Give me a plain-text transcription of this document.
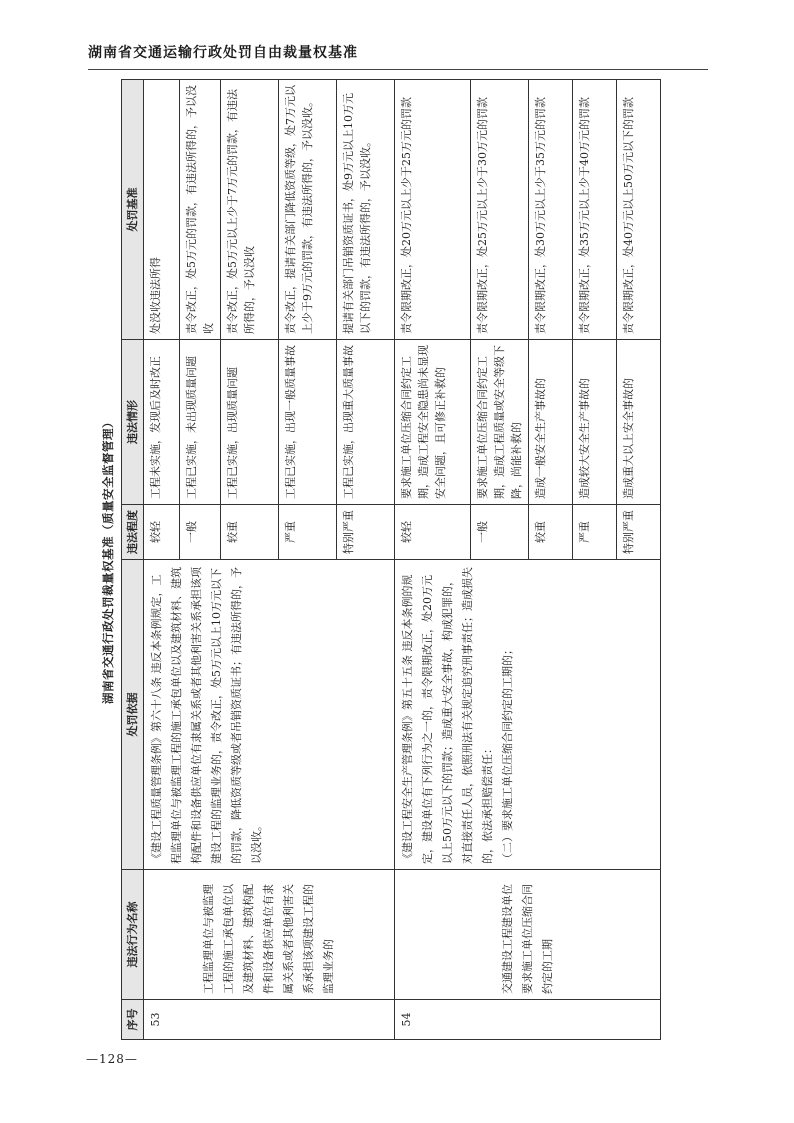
湖南省交通运输行政处罚自由裁量权基准
湖南省交通行政处罚裁量权基准（质量安全监督管理）
序号	违法行为名称	处罚依据	违法程度	违法情形	处罚基准
53	工程监理单位与被监理工程的施工承包单位以及建筑材料、建筑构配件和设备供应单位有隶属关系或者其他利害关系承担该项建设工程的监理业务的	《建设工程质量管理条例》第六十八条 违反本条例规定，工程监理单位与被监理工程的施工承包单位以及建筑材料、建筑构配件和设备供应单位有隶属关系或者其他利害关系承担该项建设工程的监理业务的，责令改正，处5万元以上10万元以下的罚款，降低资质等级或者吊销资质证书；有违法所得的，予以没收。	较轻	工程未实施，发现后及时改正	处没收违法所得
			一般	工程已实施，未出现质量问题	责令改正，处5万元的罚款，有违法所得的，予以没收
			较重	工程已实施，出现质量问题	责令改正，处5万元以上少于7万元的罚款，有违法所得的，予以没收
			严重	工程已实施，出现一般质量事故	责令改正，提请有关部门降低资质等级，处7万元以上少于9万元的罚款，有违法所得的，予以没收。
			特别严重	工程已实施，出现重大质量事故	提请有关部门吊销资质证书，处9万元以上10万元以下的罚款，有违法所得的，予以没收。
54	交通建设工程建设单位要求施工单位压缩合同约定的工期	《建设工程安全生产管理条例》第五十五条 违反本条例的规定，建设单位有下列行为之一的，责令限期改正，处20万元以上50万元以下的罚款；造成重大安全事故，构成犯罪的，对直接责任人员，依照刑法有关规定追究刑事责任；造成损失的，依法承担赔偿责任： （二）要求施工单位压缩合同约定的工期的；	较轻	要求施工单位压缩合同约定工期，造成工程安全隐患尚未显现安全问题，且可修正补救的	责令限期改正，处20万元以上少于25万元的罚款
			一般	要求施工单位压缩合同约定工期，造成工程质量或安全等级下降，尚能补救的	责令限期改正，处25万元以上少于30万元的罚款
			较重	造成一般安全生产事故的	责令限期改正，处30万元以上少于35万元的罚款
			严重	造成较大安全生产事故的	责令限期改正，处35万元以上少于40万元的罚款
			特别严重	造成重大以上安全事故的	责令限期改正，处40万元以上50万元以下的罚款
—128—
